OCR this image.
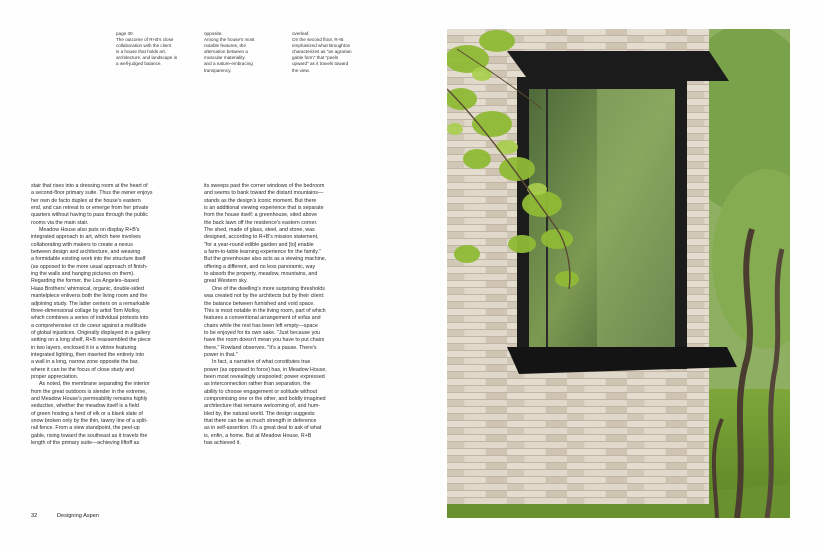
page 30.

The outcome of R+B's close

collaboration with the client

is a house that holds art,

architecture, and landscape in

a well-judged balance.

opposite.

Among the house's most

notable features, the

alternation between a

muscular materiality

and a nature-embracing

transparency.

overleaf.

On the second floor, R+B

emphasized what Broughton

characterizes as "an agrarian

gable form" that "peels

upward" as it travels toward

the view.

stair that rises into a dressing room at the heart of
a second-floor primary suite. Thus the owner enjoys
her own de facto duplex at the house's eastern
end, and can retreat to or emerge from her private
quarters without having to pass through the public
rooms via the main stair.

Meadow House also puts on display R+B's
integrated approach to art, which here involves
collaborating with makers to create a nexus
between design and architecture, and weaving
a formidable existing work into the structure itself
(as opposed to the more usual approach of finish-
ing the walls and hanging pictures on them).
Regarding the former, the Los Angeles–based
Haas Brothers' whimsical, organic, double-sided
mantelpiece enlivens both the living room and the
adjoining study. The latter centers on a remarkable
three-dimensional collage by artist Tom Molloy,
which combines a series of individual protests into
a comprehensive cri de coeur against a multitude
of global injustices. Originally displayed in a gallery
setting on a long shelf, R+B reassembled the piece
in two layers, enclosed it in a vitrine featuring
integrated lighting, then inserted the entirety into
a wall in a long, narrow zone opposite the bar,
where it can be the focus of close study and
proper appreciation.

As noted, the membrane separating the interior
from the great outdoors is slender in the extreme,
and Meadow House's permeability remains highly
seductive, whether the meadow itself is a field
of green hosting a herd of elk or a blank slate of
snow broken only by the thin, tawny line of a split-
rail fence. From a view standpoint, the peel-up
gable, rising toward the southeast as it travels the
length of the primary suite—achieving liftoff as

its sweeps past the corner windows of the bedroom
and seems to bank toward the distant mountains—
stands as the design's iconic moment. But there
is an additional viewing experience that is separate
from the house itself: a greenhouse, sited above
the back lawn off the residence's eastern corner.
The shed, made of glass, steel, and stone, was
designed, according to R+B's mission statement,
"for a year-round edible garden and [to] enable
a farm-to-table learning experience for the family."
But the greenhouse also acts as a viewing machine,
offering a different, and no less panoramic, way
to absorb the property, meadow, mountains, and
great Western sky.

One of the dwelling's more surprising thresholds
was created not by the architects but by their client:
the balance between furnished and void space.
This is most notable in the living room, part of which
features a conventional arrangement of sofas and
chairs while the rest has been left empty—space
to be enjoyed for its own sake. "Just because you
have the room doesn't mean you have to put chairs
there," Rowland observes. "It's a pause. There's
power in that."

In fact, a narrative of what constitutes true
power (as opposed to force) has, in Meadow House,
been most revealingly unspooled: power expressed
as interconnection rather than separation, the
ability to choose engagement or solitude without
compromising one or the other, and boldly imagined
architecture that remains welcoming of, and hum-
bled by, the natural world. The design suggests
that there can be as much strength in deference
as in self-assertion. It's a great deal to ask of what
is, enfin, a home. But at Meadow House, R+B
has achieved it.

32	Designing Aspen
